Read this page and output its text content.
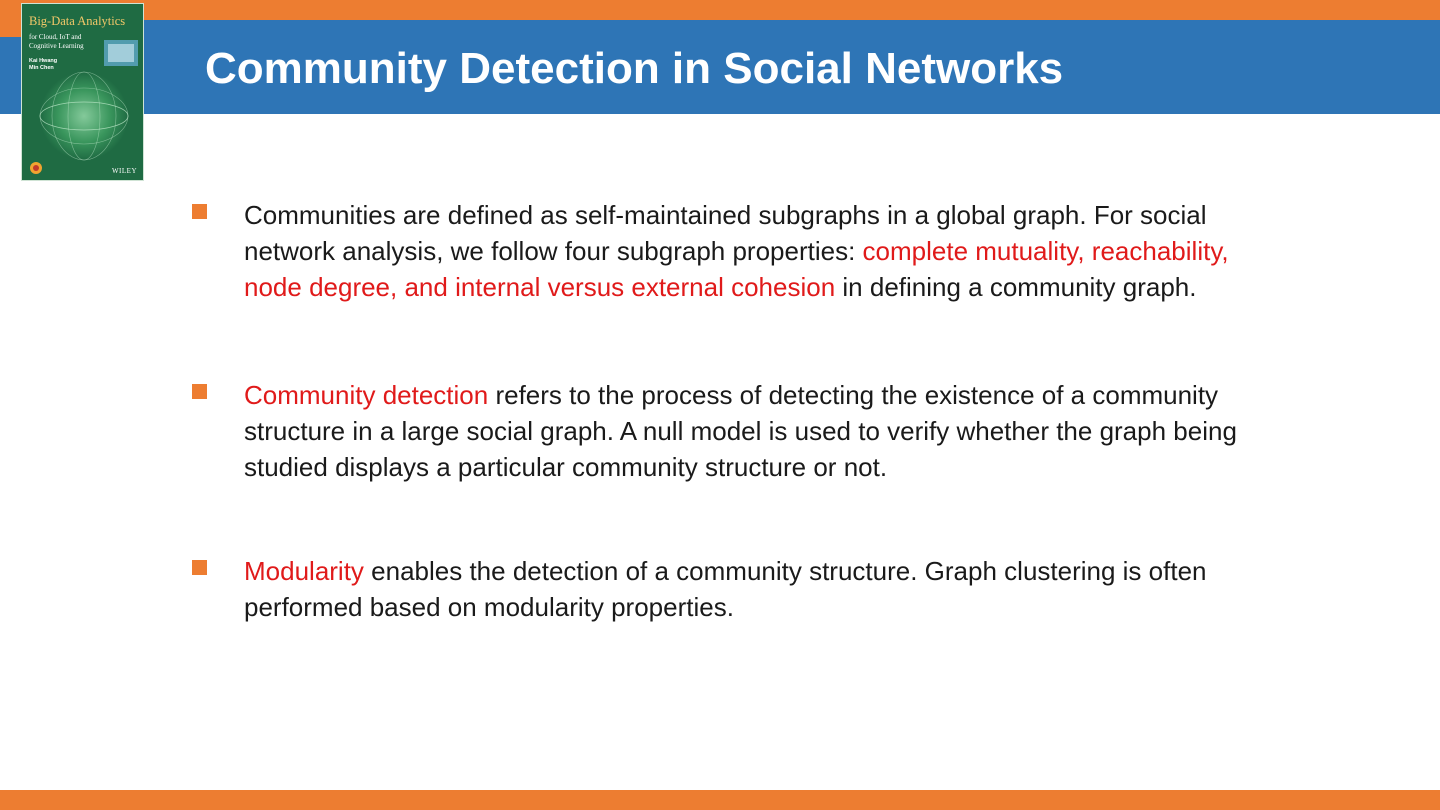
Big-Data Analytics
for Cloud, IoT and Cognitive Learning
Kai Hwang
Min Chen
WILEY
Community Detection in Social Networks

Communities are defined as self-maintained subgraphs in a global graph. For social network analysis, we follow four subgraph properties: complete mutuality, reachability, node degree, and internal versus external cohesion in defining a community graph.

Community detection refers to the process of detecting the existence of a community structure in a large social graph. A null model is used to verify whether the graph being studied displays a particular community structure or not.

Modularity enables the detection of a community structure. Graph clustering is often performed based on modularity properties.
